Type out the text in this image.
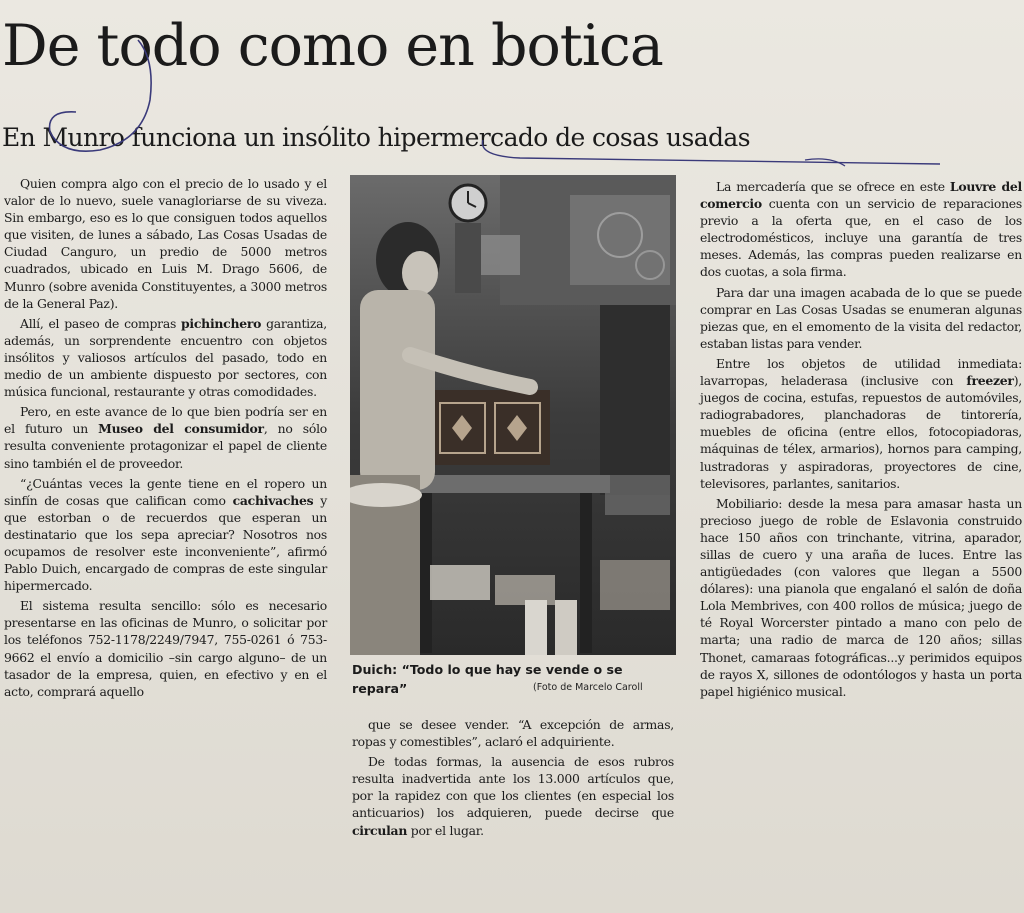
De todo como en botica
En Munro funciona un insólito hipermercado de cosas usadas

Quien compra algo con el precio de lo usado y el valor de lo nuevo, suele vanagloriarse de su viveza. Sin embargo, eso es lo que consiguen todos aquellos que visiten, de lunes a sábado, Las Cosas Usadas de Ciudad Canguro, un predio de 5000 metros cuadrados, ubicado en Luis M. Drago 5606, de Munro (sobre avenida Constituyentes, a 3000 metros de la General Paz).

Allí, el paseo de compras pichinchero garantiza, además, un sorprendente encuentro con objetos insólitos y valiosos artículos del pasado, todo en medio de un ambiente dispuesto por sectores, con música funcional, restaurante y otras comodidades.

Pero, en este avance de lo que bien podría ser en el futuro un Museo del consumidor, no sólo resulta conveniente protagonizar el papel de cliente sino también el de proveedor.

“¿Cuántas veces la gente tiene en el ropero un sinfín de cosas que califican como cachivaches y que estorban o de recuerdos que esperan un destinatario que los sepa apreciar? Nosotros nos ocupamos de resolver este inconveniente”, afirmó Pablo Duich, encargado de compras de este singular hipermercado.

El sistema resulta sencillo: sólo es necesario presentarse en las oficinas de Munro, o solicitar por los teléfonos 752-1178/2249/7947, 755-0261 ó 753-9662 el envío a domicilio –sin cargo alguno– de un tasador de la empresa, quien, en efectivo y en el acto, comprará aquello

Duich: “Todo lo que hay se vende o se repara”	(Foto de Marcelo Caroll

que se desee vender. “A excepción de armas, ropas y comestibles”, aclaró el adquiriente.

De todas formas, la ausencia de esos rubros resulta inadvertida ante los 13.000 artículos que, por la rapidez con que los clientes (en especial los anticuarios) los adquieren, puede decirse que circulan por el lugar.

La mercadería que se ofrece en este Louvre del comercio cuenta con un servicio de reparaciones previo a la oferta que, en el caso de los electrodomésticos, incluye una garantía de tres meses. Además, las compras pueden realizarse en dos cuotas, a sola firma.

Para dar una imagen acabada de lo que se puede comprar en Las Cosas Usadas se enumeran algunas piezas que, en el emomento de la visita del redactor, estaban listas para vender.

Entre los objetos de utilidad inmediata: lavarropas, heladerasa (inclusive con freezer), juegos de cocina, estufas, repuestos de automóviles, radiograbadores, planchadoras de tintorería, muebles de oficina (entre ellos, fotocopiadoras, máquinas de télex, armarios), hornos para camping, lustradoras y aspiradoras, proyectores de cine, televisores, parlantes, sanitarios.

Mobiliario: desde la mesa para amasar hasta un precioso juego de roble de Eslavonia construido hace 150 años con trinchante, vitrina, aparador, sillas de cuero y una araña de luces. Entre las antigüedades (con valores que llegan a 5500 dólares): una pianola que engalanó el salón de doña Lola Membrives, con 400 rollos de música; juego de té Royal Worcerster pintado a mano con pelo de marta; una radio de marca de 120 años; sillas Thonet, camaraas fotográficas...y perimidos equipos de rayos X, sillones de odontólogos y hasta un porta papel higiénico musical.
